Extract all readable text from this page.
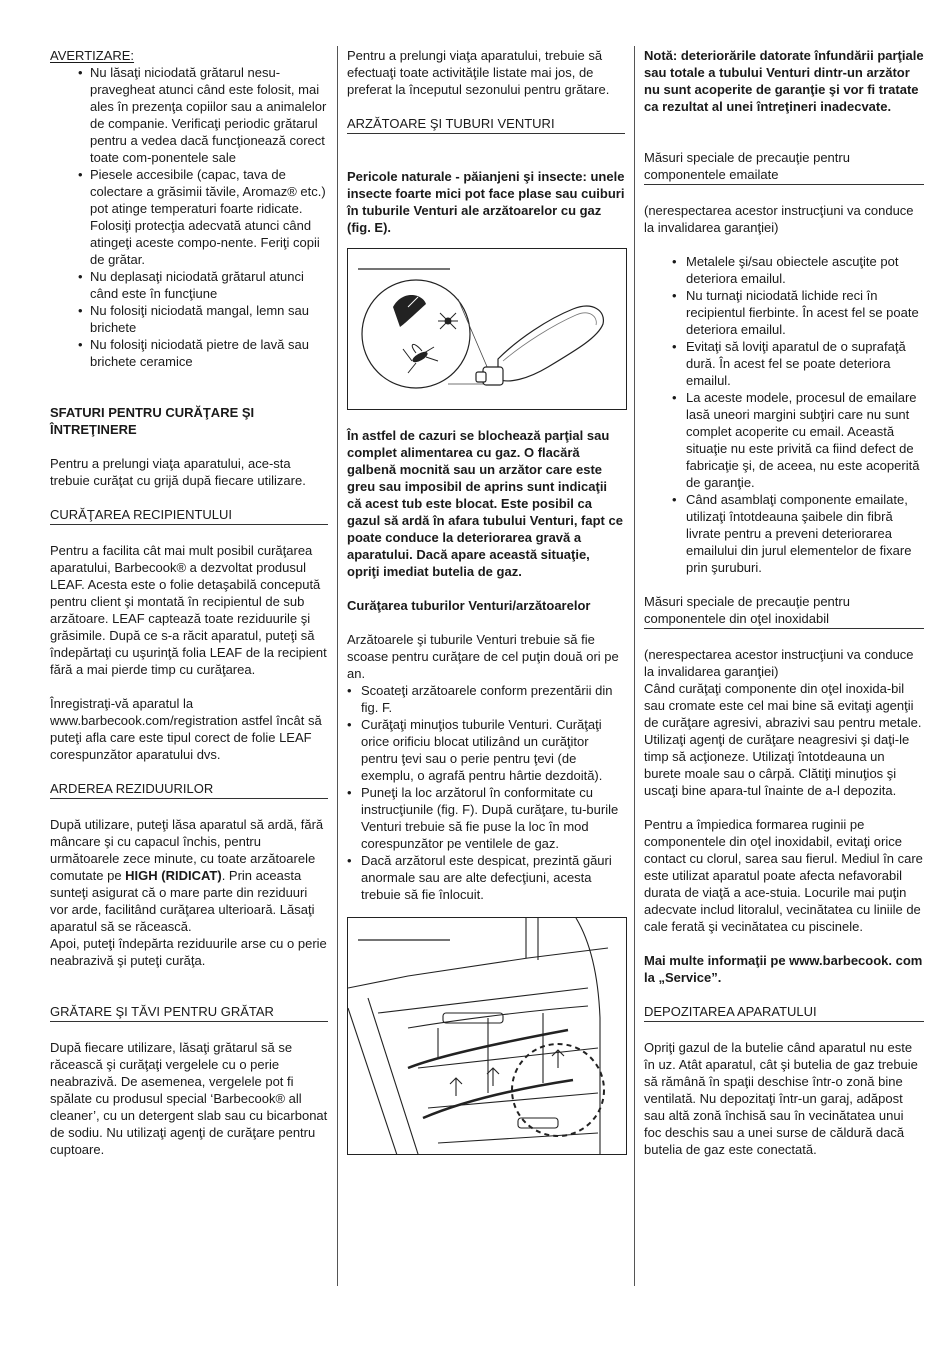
AVERTIZARE:

• Nu lăsaţi niciodată grătarul nesu-pravegheat atunci când este folosit, mai ales în prezenţa copiilor sau a animalelor de companie. Verificaţi periodic grătarul pentru a vedea dacă funcţionează corect toate com-ponentele sale
• Piesele accesibile (capac, tava de colectare a grăsimii tăvile, Aromaz® etc.) pot atinge temperaturi foarte ridicate. Folosiţi protecţia adecvată atunci când atingeţi aceste compo-nente. Feriţi copii de grătar.
• Nu deplasaţi niciodată grătarul atunci când este în funcţiune
• Nu folosiţi niciodată mangal, lemn sau brichete
• Nu folosiţi niciodată pietre de lavă sau brichete ceramice

SFATURI PENTRU CURĂŢARE ŞI
ÎNTREŢINERE

Pentru a prelungi viaţa aparatului, ace-sta trebuie curăţat cu grijă după fiecare utilizare.

CURĂŢAREA RECIPIENTULUI

Pentru a facilita cât mai mult posibil curăţarea aparatului, Barbecook® a dezvoltat produsul LEAF. Acesta este o folie detaşabilă concepută pentru client şi montată în recipientul de sub arzătoare. LEAF captează toate reziduurile şi grăsimile. După ce s-a răcit aparatul, puteţi să îndepărtaţi cu uşurinţă folia LEAF de la recipient fără a mai pierde timp cu curăţarea.

Înregistraţi-vă aparatul la www.barbecook.com/registration astfel încât să puteţi afla care este tipul corect de folie LEAF corespunzător aparatului dvs.

ARDEREA REZIDUURILOR

După utilizare, puteţi lăsa aparatul să ardă, fără mâncare şi cu capacul închis, pentru următoarele zece minute, cu toate arzătoarele comutate pe HIGH (RIDICAT). Prin aceasta sunteţi asigurat că o mare parte din reziduuri vor arde, facilitând curăţarea ulterioară. Lăsaţi aparatul să se răcească.

Apoi, puteţi îndepărta reziduurile arse cu o perie neabrazivă şi puteţi curăţa.

GRĂTARE ŞI TĂVI PENTRU GRĂTAR

După fiecare utilizare, lăsaţi grătarul să se răcească şi curăţaţi vergelele cu o perie neabrazivă. De asemenea, vergelele pot fi spălate cu produsul special ‘Barbecook® all cleaner’, cu un detergent slab sau cu bicarbonat de sodiu. Nu utilizaţi agenţi de curăţare pentru cuptoare.

Pentru a prelungi viaţa aparatului, trebuie să efectuaţi toate activităţile listate mai jos, de preferat la începutul sezonului pentru grătare.

ARZĂTOARE ŞI TUBURI VENTURI

Pericole naturale - păianjeni şi insecte: unele insecte foarte mici pot face plase sau cuiburi în tuburile Venturi ale arzătoarelor cu gaz (fig. E).

În astfel de cazuri se blochează parţial sau complet alimentarea cu gaz. O flacără galbenă mocnită sau un arzător care este greu sau imposibil de aprins sunt indicaţii că acest tub este blocat. Este posibil ca gazul să ardă în afara tubului Venturi, fapt ce poate conduce la deteriorarea gravă a aparatului. Dacă apare această situaţie, opriţi imediat butelia de gaz.

Curăţarea tuburilor Venturi/arzătoarelor

Arzătoarele şi tuburile Venturi trebuie să fie scoase pentru curăţare de cel puţin două ori pe an.

• Scoateţi arzătoarele conform prezentării din fig. F.
• Curăţaţi minuţios tuburile Venturi. Curăţaţi orice orificiu blocat utilizând un curăţitor pentru ţevi sau o perie pentru ţevi (de exemplu, o agrafă pentru hârtie dezdoită).
• Puneţi la loc arzătorul în conformitate cu instrucţiunile (fig. F). După curăţare, tu-burile Venturi trebuie să fie puse la loc în mod corespunzător pe ventilele de gaz.
• Dacă arzătorul este despicat, prezintă găuri anormale sau are alte defecţiuni, acesta trebuie să fie înlocuit.

Notă: deteriorările datorate înfundării parţiale sau totale a tubului Venturi dintr-un arzător nu sunt acoperite de garanţie şi vor fi tratate ca rezultat al unei întreţineri inadecvate.

Măsuri speciale de precauţie pentru

componentele emailate

(nerespectarea acestor instrucţiuni va conduce la invalidarea garanţiei)

• Metalele şi/sau obiectele ascuţite pot deteriora emailul.
• Nu turnaţi niciodată lichide reci în recipientul fierbinte. În acest fel se poate deteriora emailul.
• Evitaţi să loviţi aparatul de o suprafaţă dură. În acest fel se poate deteriora emailul.
• La aceste modele, procesul de emailare lasă uneori margini subţiri care nu sunt complet acoperite cu email. Această situaţie nu este privită ca fiind defect de fabricaţie şi, de aceea, nu este acoperită de garanţie.
• Când asamblaţi componente emailate, utilizaţi întotdeauna şaibele din fibră livrate pentru a preveni deteriorarea emailului din jurul elementelor de fixare prin şuruburi.

Măsuri speciale de precauţie pentru

componentele din oţel inoxidabil

(nerespectarea acestor instrucţiuni va conduce la invalidarea garanţiei)
Când curăţaţi componente din oţel inoxida-bil sau cromate este cel mai bine să evitaţi agenţii de curăţare agresivi, abrazivi sau pentru metale. Utilizaţi agenţi de curăţare neagresivi şi daţi-le timp să acţioneze. Utilizaţi întotdeauna un burete moale sau o cârpă. Clătiţi minuţios şi uscaţi bine apara-tul înainte de a-l depozita.

Pentru a împiedica formarea ruginii pe componentele din oţel inoxidabil, evitaţi orice contact cu clorul, sarea sau fierul. Mediul în care este utilizat aparatul poate afecta nefavorabil durata de viaţă a ace-stuia. Locurile mai puţin adecvate includ litoralul, vecinătatea cu liniile de cale ferată şi vecinătatea cu piscinele.

Mai multe informaţii pe www.barbecook. com la „Service”.

DEPOZITAREA APARATULUI

Opriţi gazul de la butelie când aparatul nu este în uz. Atât aparatul, cât şi butelia de gaz trebuie să rămână în spaţii deschise într-o zonă bine ventilată. Nu depozitaţi într-un garaj, adăpost sau altă zonă închisă sau în vecinătatea unui foc deschis sau a unei surse de căldură dacă butelia de gaz este conectată.
